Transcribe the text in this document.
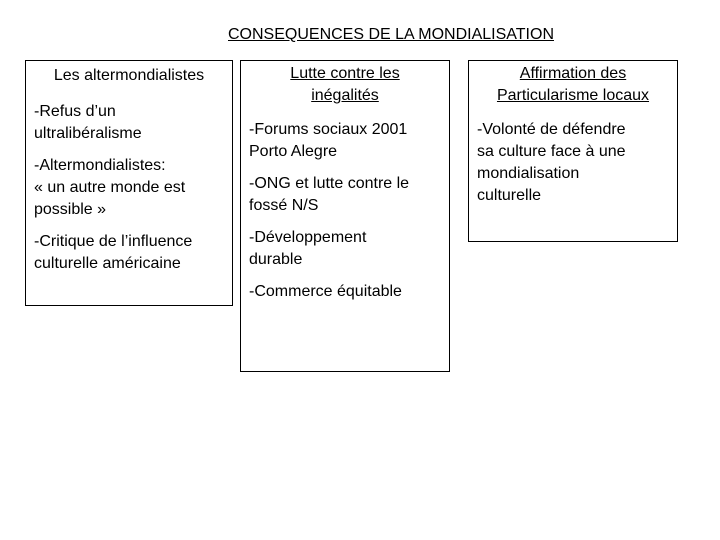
CONSEQUENCES DE LA MONDIALISATION
Les altermondialistes
-Refus d’un
ultralibéralisme
-Altermondialistes:
« un autre monde est
possible »
-Critique de l’influence
culturelle américaine
Lutte contre les
inégalités
-Forums sociaux 2001
Porto Alegre
-ONG et lutte contre le
fossé N/S
-Développement
durable
-Commerce équitable
Affirmation des
Particularisme locaux
-Volonté de défendre
sa culture face à une
mondialisation
culturelle
